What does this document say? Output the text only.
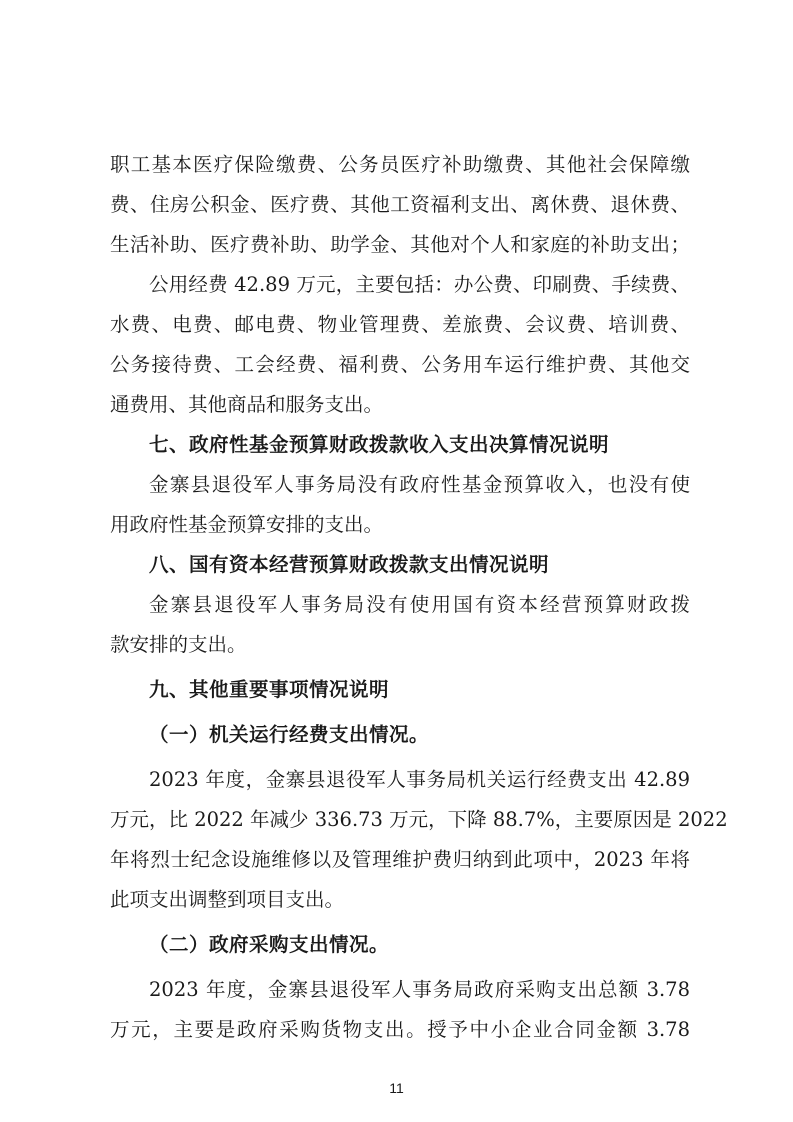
职工基本医疗保险缴费、公务员医疗补助缴费、其他社会保障缴
费、住房公积金、医疗费、其他工资福利支出、离休费、退休费、
生活补助、医疗费补助、助学金、其他对个人和家庭的补助支出；
公用经费 42.89 万元，主要包括：办公费、印刷费、手续费、
水费、电费、邮电费、物业管理费、差旅费、会议费、培训费、
公务接待费、工会经费、福利费、公务用车运行维护费、其他交
通费用、其他商品和服务支出。
七、政府性基金预算财政拨款收入支出决算情况说明
金寨县退役军人事务局没有政府性基金预算收入，也没有使
用政府性基金预算安排的支出。
八、国有资本经营预算财政拨款支出情况说明
金寨县退役军人事务局没有使用国有资本经营预算财政拨
款安排的支出。
九、其他重要事项情况说明
（一）机关运行经费支出情况。
2023 年度，金寨县退役军人事务局机关运行经费支出 42.89
万元，比 2022 年减少 336.73 万元，下降 88.7%，主要原因是 2022
年将烈士纪念设施维修以及管理维护费归纳到此项中，2023 年将
此项支出调整到项目支出。
（二）政府采购支出情况。
2023 年度，金寨县退役军人事务局政府采购支出总额 3.78
万元，主要是政府采购货物支出。授予中小企业合同金额 3.78
11
